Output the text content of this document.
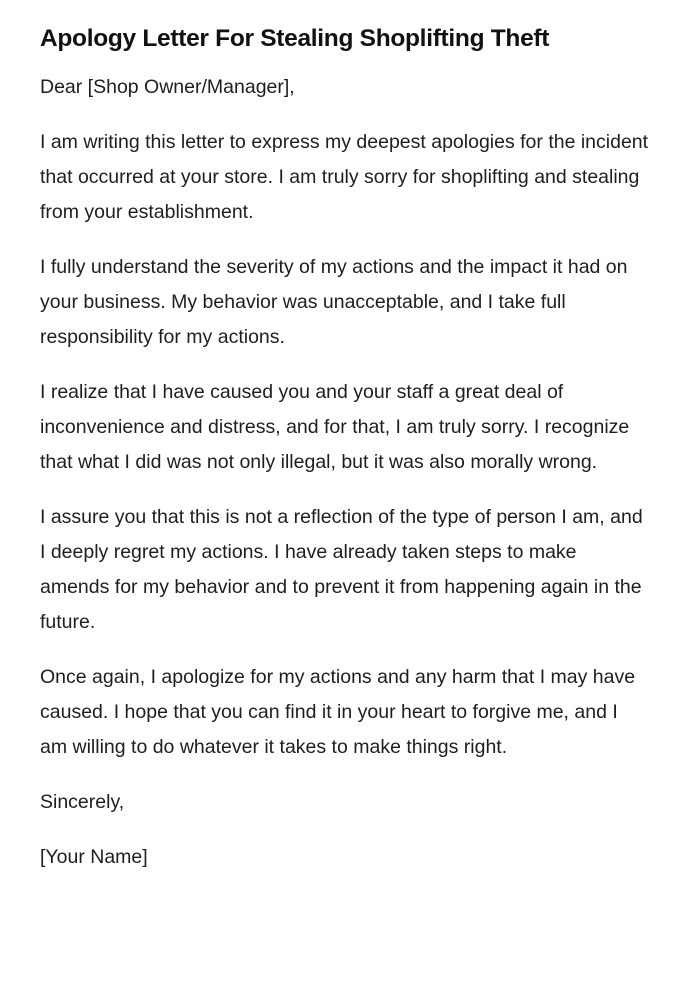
Apology Letter For Stealing Shoplifting Theft

Dear [Shop Owner/Manager],

I am writing this letter to express my deepest apologies for the incident that occurred at your store. I am truly sorry for shoplifting and stealing from your establishment.

I fully understand the severity of my actions and the impact it had on your business. My behavior was unacceptable, and I take full responsibility for my actions.

I realize that I have caused you and your staff a great deal of inconvenience and distress, and for that, I am truly sorry. I recognize that what I did was not only illegal, but it was also morally wrong.

I assure you that this is not a reflection of the type of person I am, and I deeply regret my actions. I have already taken steps to make amends for my behavior and to prevent it from happening again in the future.

Once again, I apologize for my actions and any harm that I may have caused. I hope that you can find it in your heart to forgive me, and I am willing to do whatever it takes to make things right.

Sincerely,

[Your Name]
